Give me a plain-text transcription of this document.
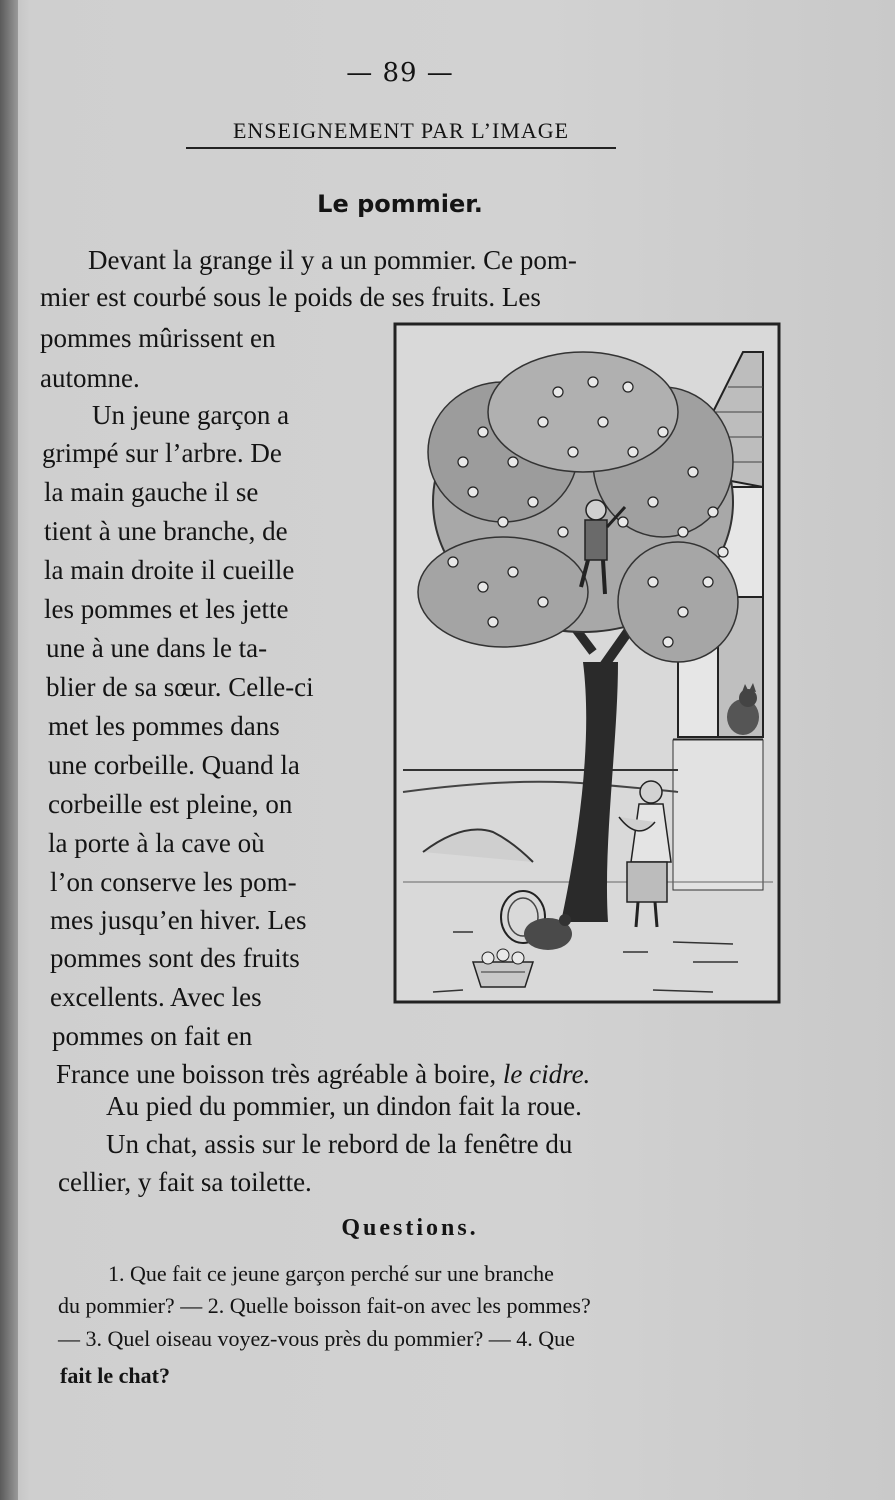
— 89 —
ENSEIGNEMENT PAR L’IMAGE
Le pommier.
Devant la grange il y a un pommier. Ce pom-
mier est courbé sous le poids de ses fruits. Les
pommes mûrissent en
automne.
Un jeune garçon a
grimpé sur l’arbre. De
la main gauche il se
tient à une branche, de
la main droite il cueille
les pommes et les jette
une à une dans le ta-
blier de sa sœur. Celle-ci
met les pommes dans
une corbeille. Quand la
corbeille est pleine, on
la porte à la cave où
l’on conserve les pom-
mes jusqu’en hiver. Les
pommes sont des fruits
excellents. Avec les
pommes on fait en
France une boisson très agréable à boire, le cidre.
Au pied du pommier, un dindon fait la roue.
Un chat, assis sur le rebord de la fenêtre du
cellier, y fait sa toilette.
Questions.
1. Que fait ce jeune garçon perché sur une branche
du pommier? — 2. Quelle boisson fait-on avec les pommes?
— 3. Quel oiseau voyez-vous près du pommier? — 4. Que
fait le chat?
